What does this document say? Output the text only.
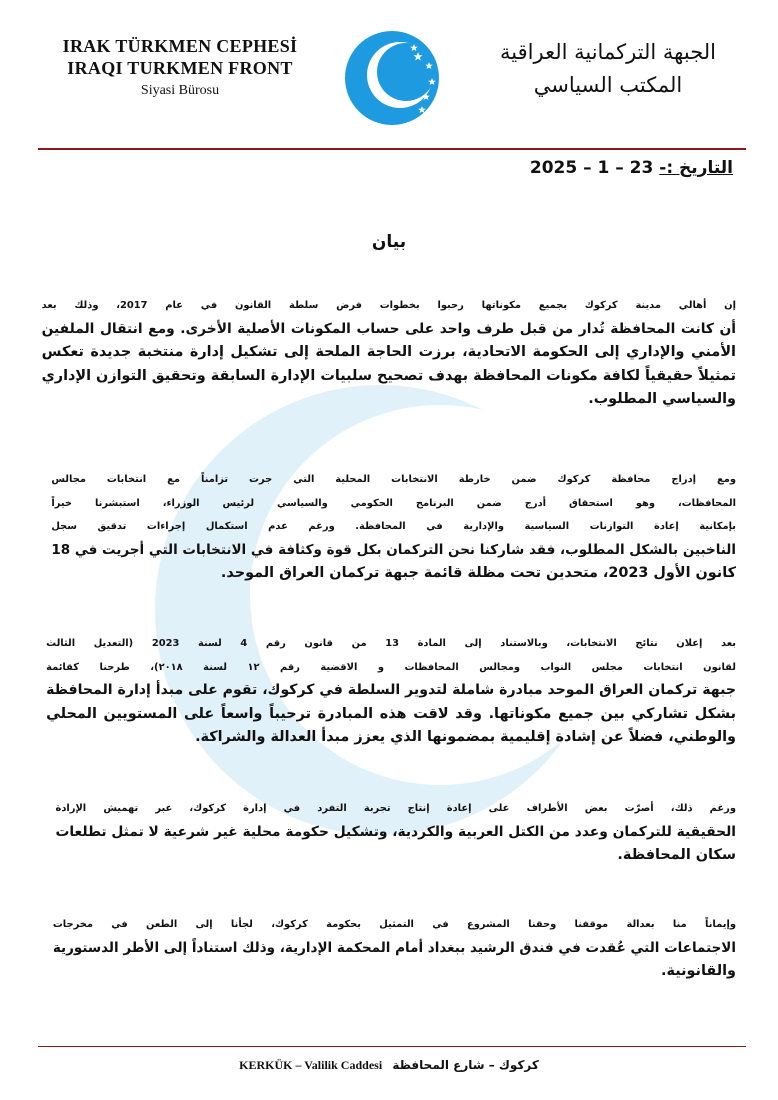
IRAK TÜRKMEN CEPHESİ
IRAQI TURKMEN FRONT
Siyasi Bürosu
الجبهة التركمانية العراقية
المكتب السياسي
التاريخ :- 2025 – 1 – 23
بيان

إن أهالي مدينة كركوك بجميع مكوناتها رحبوا بخطوات فرض سلطة القانون في عام 2017، وذلك بعد
أن كانت المحافظة تُدار من قبل طرف واحد على حساب المكونات الأصلية الأخرى. ومع انتقال الملفين
الأمني والإداري إلى الحكومة الاتحادية، برزت الحاجة الملحة إلى تشكيل إدارة منتخبة جديدة تعكس
تمثيلاً حقيقياً لكافة مكونات المحافظة بهدف تصحيح سلبيات الإدارة السابقة وتحقيق التوازن الإداري
والسياسي المطلوب.

ومع إدراج محافظة كركوك ضمن خارطة الانتخابات المحلية التي جرت تزامناً مع انتخابات مجالس
المحافظات، وهو استحقاق أدرج ضمن البرنامج الحكومي والسياسي لرئيس الوزراء، استبشرنا خيراً
بإمكانية إعادة التوازنات السياسية والإدارية في المحافظة. ورغم عدم استكمال إجراءات تدقيق سجل
الناخبين بالشكل المطلوب، فقد شاركنا نحن التركمان بكل قوة وكثافة في الانتخابات التي أجريت في 18
كانون الأول 2023، متحدين تحت مظلة قائمة جبهة تركمان العراق الموحد.

بعد إعلان نتائج الانتخابات، وبالاستناد إلى المادة 13 من قانون رقم 4 لسنة 2023 (التعديل الثالث
لقانون انتخابات مجلس النواب ومجالس المحافظات و الاقضية رقم ١٢ لسنة ٢٠١٨)، طرحنا كقائمة
جبهة تركمان العراق الموحد مبادرة شاملة لتدوير السلطة في كركوك، تقوم على مبدأ إدارة المحافظة
بشكل تشاركي بين جميع مكوناتها. وقد لاقت هذه المبادرة ترحيباً واسعاً على المستويين المحلي
والوطني، فضلاً عن إشادة إقليمية بمضمونها الذي يعزز مبدأ العدالة والشراكة.

ورغم ذلك، أصرّت بعض الأطراف على إعادة إنتاج تجربة التفرد في إدارة كركوك، عبر تهميش الإرادة
الحقيقية للتركمان وعدد من الكتل العربية والكردية، وتشكيل حكومة محلية غير شرعية لا تمثل تطلعات
سكان المحافظة.

وإيماناً منا بعدالة موقفنا وحقنا المشروع في التمثيل بحكومة كركوك، لجأنا إلى الطعن في مخرجات
الاجتماعات التي عُقدت في فندق الرشيد ببغداد أمام المحكمة الإدارية، وذلك استناداً إلى الأطر الدستورية
والقانونية.

KERKÜK – Valilik Caddesi كركوك – شارع المحافظة
